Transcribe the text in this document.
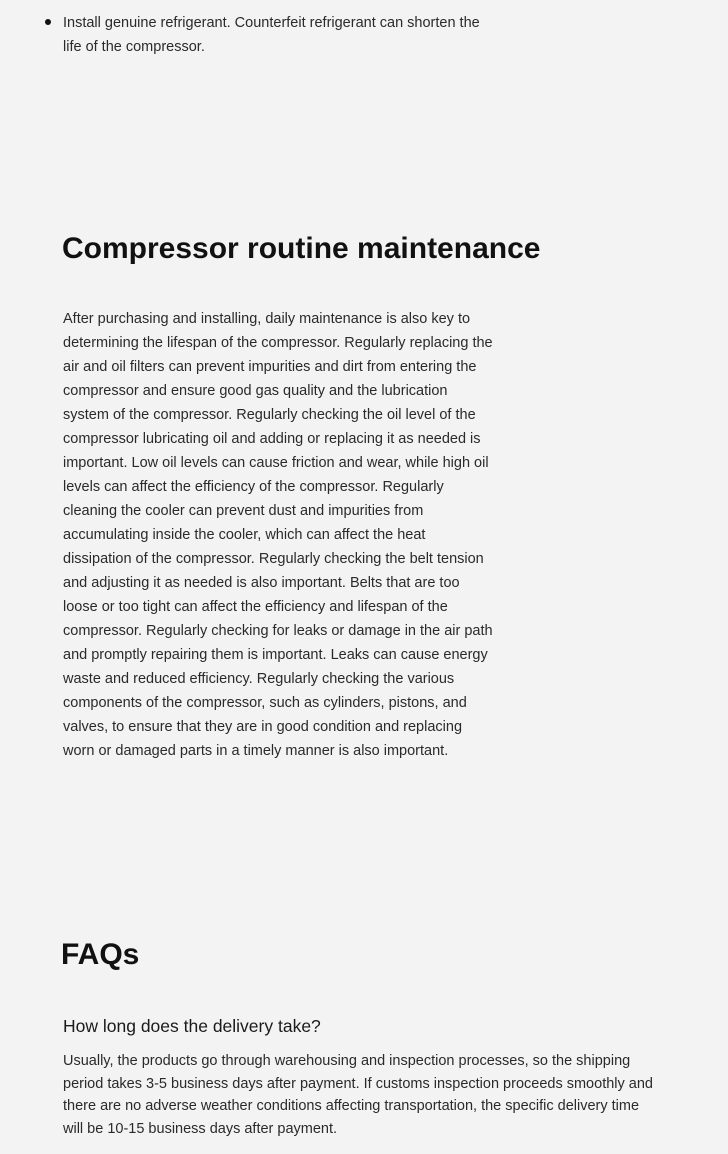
Install genuine refrigerant. Counterfeit refrigerant can shorten the life of the compressor.
Compressor routine maintenance

After purchasing and installing, daily maintenance is also key to determining the lifespan of the compressor. Regularly replacing the air and oil filters can prevent impurities and dirt from entering the compressor and ensure good gas quality and the lubrication system of the compressor. Regularly checking the oil level of the compressor lubricating oil and adding or replacing it as needed is important. Low oil levels can cause friction and wear, while high oil levels can affect the efficiency of the compressor. Regularly cleaning the cooler can prevent dust and impurities from accumulating inside the cooler, which can affect the heat dissipation of the compressor. Regularly checking the belt tension and adjusting it as needed is also important. Belts that are too loose or too tight can affect the efficiency and lifespan of the compressor. Regularly checking for leaks or damage in the air path and promptly repairing them is important. Leaks can cause energy waste and reduced efficiency. Regularly checking the various components of the compressor, such as cylinders, pistons, and valves, to ensure that they are in good condition and replacing worn or damaged parts in a timely manner is also important.

FAQs
How long does the delivery take?

Usually, the products go through warehousing and inspection processes, so the shipping period takes 3-5 business days after payment. If customs inspection proceeds smoothly and there are no adverse weather conditions affecting transportation, the specific delivery time will be 10-15 business days after payment.
